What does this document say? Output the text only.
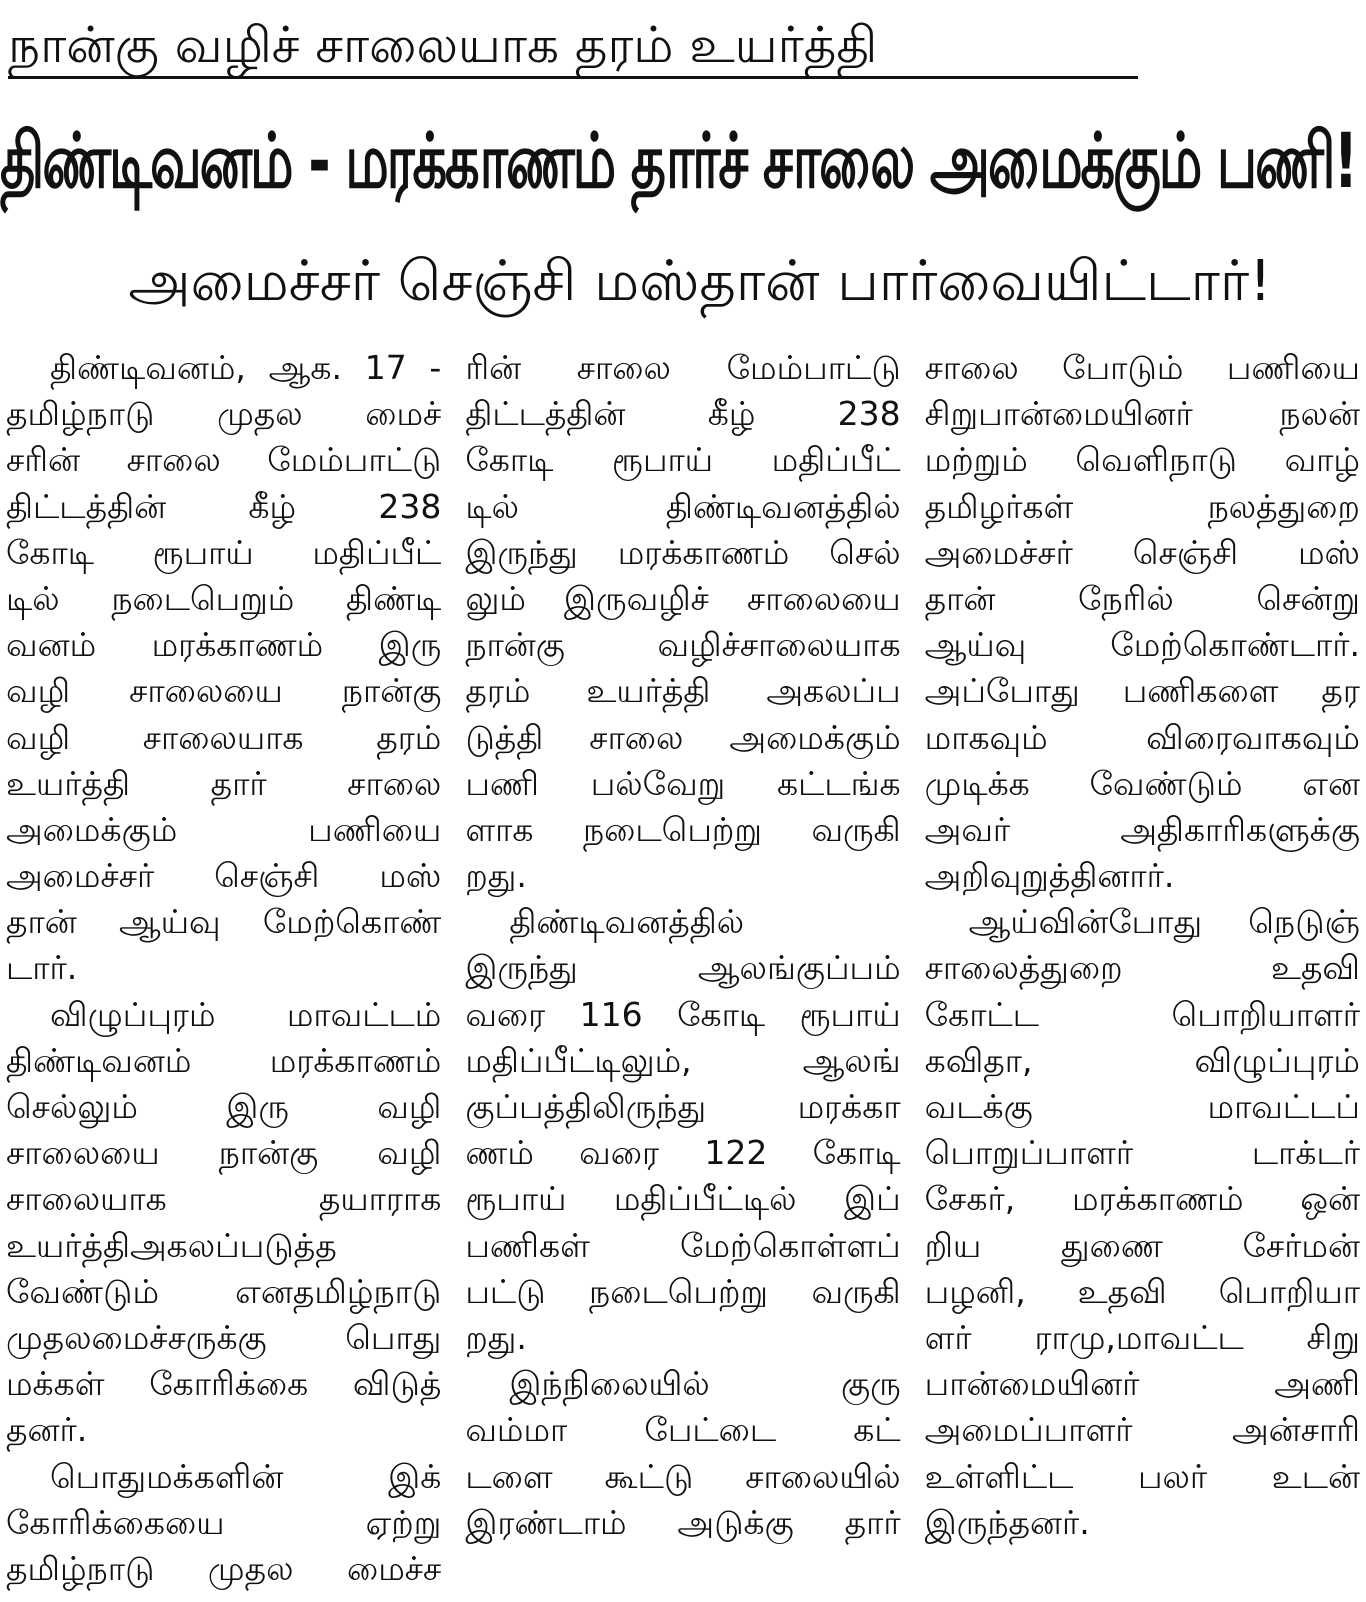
நான்கு வழிச் சாலையாக தரம் உயர்த்தி
திண்டிவனம் - மரக்காணம் தார்ச் சாலை அமைக்கும் பணி!
அமைச்சர் செஞ்சி மஸ்தான் பார்வையிட்டார்!
திண்டிவனம், ஆக. 17 -
தமிழ்நாடு முதல மைச்
சரின் சாலை மேம்பாட்டு
திட்டத்தின் கீழ் 238
கோடி ரூபாய் மதிப்பீட்
டில் நடைபெறும் திண்டி
வனம் மரக்காணம் இரு
வழி சாலையை நான்கு
வழி சாலையாக தரம்
உயர்த்தி தார் சாலை
அமைக்கும் பணியை
அமைச்சர் செஞ்சி மஸ்
தான் ஆய்வு மேற்கொண்
டார்.
விழுப்புரம் மாவட்டம்
திண்டிவனம் மரக்காணம்
செல்லும் இரு வழி
சாலையை நான்கு வழி
சாலையாக தயாராக
உயர்த்திஅகலப்படுத்த
வேண்டும் எனதமிழ்நாடு
முதலமைச்சருக்கு பொது
மக்கள் கோரிக்கை விடுத்
தனர்.
பொதுமக்களின் இக்
கோரிக்கையை ஏற்று
தமிழ்நாடு முதல மைச்ச
ரின் சாலை மேம்பாட்டு
திட்டத்தின் கீழ் 238
கோடி ரூபாய் மதிப்பீட்
டில் திண்டிவனத்தில்
இருந்து மரக்காணம் செல்
லும் இருவழிச் சாலையை
நான்கு வழிச்சாலையாக
தரம் உயர்த்தி அகலப்ப
டுத்தி சாலை அமைக்கும்
பணி பல்வேறு கட்டங்க
ளாக நடைபெற்று வருகி
றது.
திண்டிவனத்தில்
இருந்து ஆலங்குப்பம்
வரை 116 கோடி ரூபாய்
மதிப்பீட்டிலும், ஆலங்
குப்பத்திலிருந்து மரக்கா
ணம் வரை 122 கோடி
ரூபாய் மதிப்பீட்டில் இப்
பணிகள் மேற்கொள்ளப்
பட்டு நடைபெற்று வருகி
றது.
இந்நிலையில் குரு
வம்மா பேட்டை கட்
டளை கூட்டு சாலையில்
இரண்டாம் அடுக்கு தார்
சாலை போடும் பணியை
சிறுபான்மையினர் நலன்
மற்றும் வெளிநாடு வாழ்
தமிழர்கள் நலத்துறை
அமைச்சர் செஞ்சி மஸ்
தான் நேரில் சென்று
ஆய்வு மேற்கொண்டார்.
அப்போது பணிகளை தர
மாகவும் விரைவாகவும்
முடிக்க வேண்டும் என
அவர் அதிகாரிகளுக்கு
அறிவுறுத்தினார்.
ஆய்வின்போது நெடுஞ்
சாலைத்துறை உதவி
கோட்ட பொறியாளர்
கவிதா, விழுப்புரம்
வடக்கு மாவட்டப்
பொறுப்பாளர் டாக்டர்
சேகர், மரக்காணம் ஒன்
றிய துணை சேர்மன்
பழனி, உதவி பொறியா
ளர் ராமு,மாவட்ட சிறு
பான்மையினர் அணி
அமைப்பாளர் அன்சாரி
உள்ளிட்ட பலர் உடன்
இருந்தனர்.
